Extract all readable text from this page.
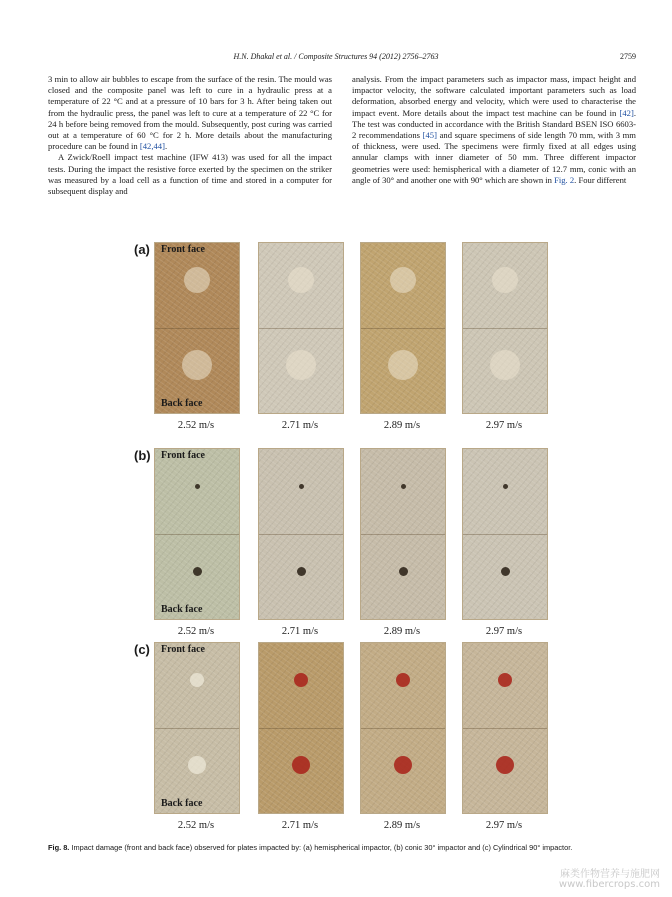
H.N. Dhakal et al. / Composite Structures 94 (2012) 2756–2763	2759

3 min to allow air bubbles to escape from the surface of the resin. The mould was closed and the composite panel was left to cure in a hydraulic press at a temperature of 22 °C and at a pressure of 10 bars for 3 h. After being taken out from the hydraulic press, the panel was left to cure at a temperature of 22 °C for 24 h before being removed from the mould. Subsequently, post curing was carried out at a temperature of 60 °C for 2 h. More details about the manufacturing procedure can be found in [42,44].

A Zwick/Roell impact test machine (IFW 413) was used for all the impact tests. During the impact the resistive force exerted by the specimen on the striker was measured by a load cell as a function of time and stored in a computer for subsequent display and

analysis. From the impact parameters such as impactor mass, impact height and impactor velocity, the software calculated important parameters such as load deformation, absorbed energy and velocity, which were used to characterise the impact event. More details about the impact test machine can be found in [42]. The test was conducted in accordance with the British Standard BSEN ISO 6603-2 recommendations [45] and square specimens of side length 70 mm, with 3 mm of thickness, were used. The specimens were firmly fixed at all edges using annular clamps with inner diameter of 50 mm. Three different impactor geometries were used: hemispherical with a diameter of 12.7 mm, conic with an angle of 30° and another one with 90° which are shown in Fig. 2. Four different

(a)
2.52 m/s	2.71 m/s	2.89 m/s	2.97 m/s
Front face
Back face
(b)
2.52 m/s	2.71 m/s	2.89 m/s	2.97 m/s
Front face
Back face
(c)
2.52 m/s	2.71 m/s	2.89 m/s	2.97 m/s
Front face
Back face
Fig. 8. Impact damage (front and back face) observed for plates impacted by: (a) hemispherical impactor, (b) conic 30° impactor and (c) Cylindrical 90° impactor.
麻类作物营养与施肥网
www.fibercrops.com
